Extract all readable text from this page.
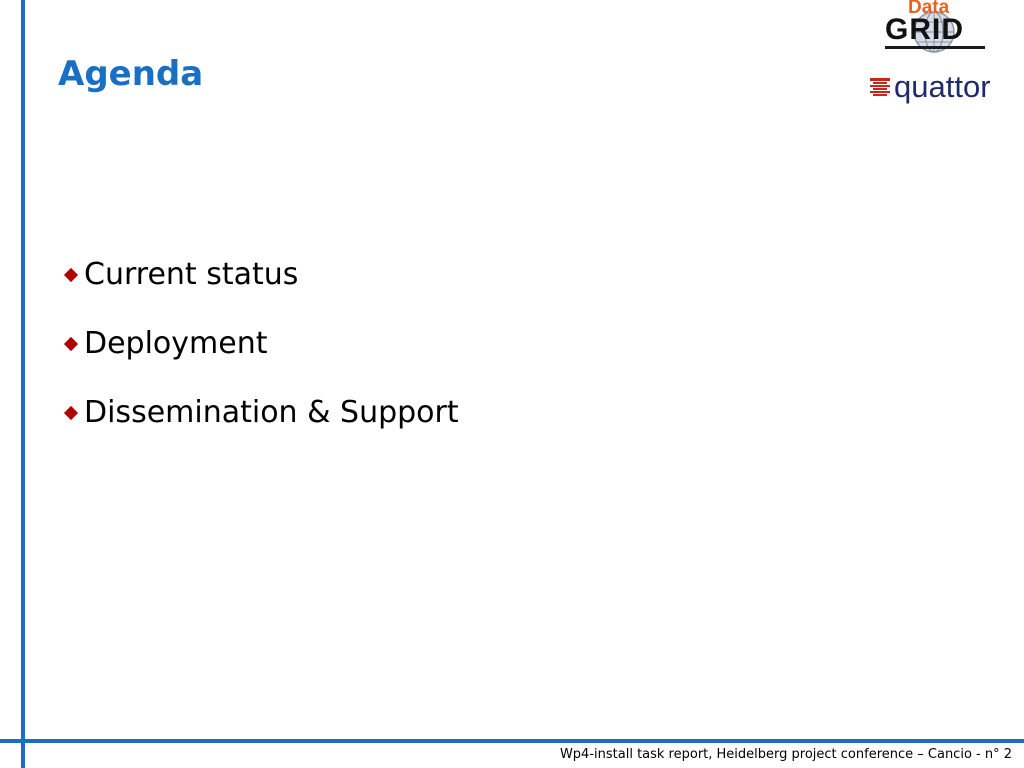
Agenda
Data
GRID
quattor
Current status
Deployment
Dissemination & Support
Wp4-install task report, Heidelberg project conference – Cancio - n° 2
